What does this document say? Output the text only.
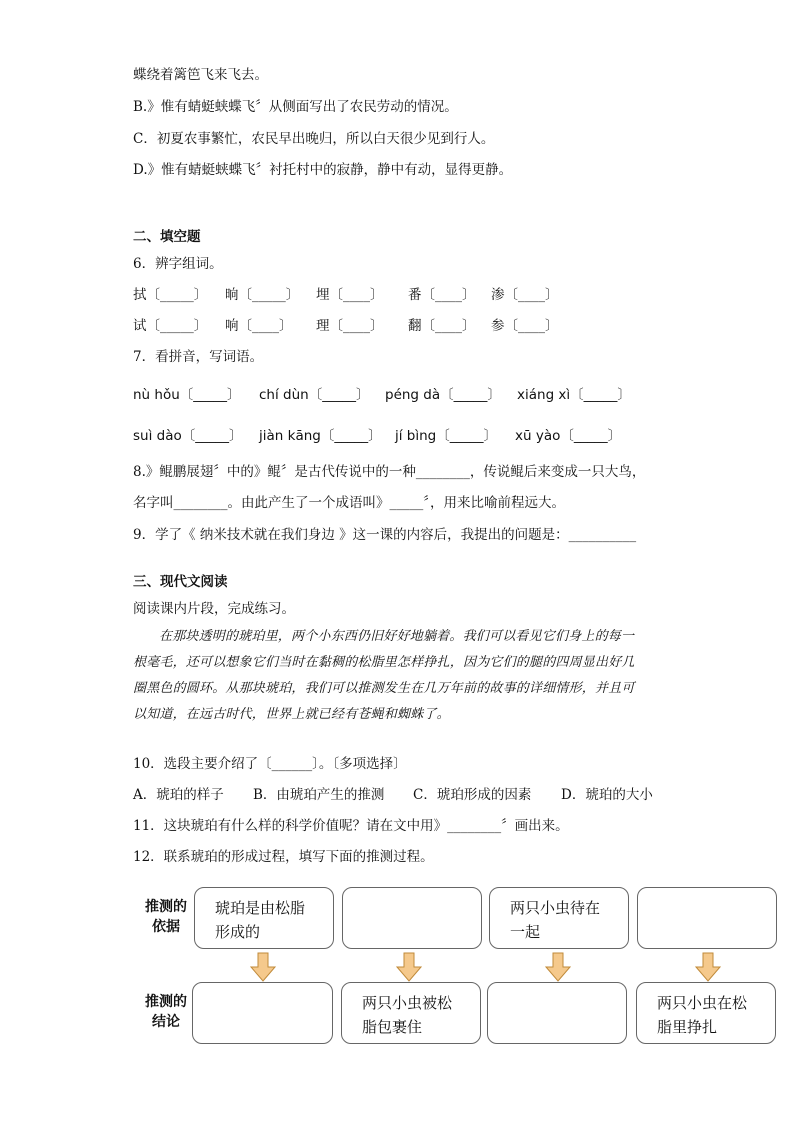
蝶绕着篱笆飞来飞去。
B.》惟有蜻蜓蛱蝶飞〞从侧面写出了农民劳动的情况。
C．初夏农事繁忙，农民早出晚归，所以白天很少见到行人。
D.》惟有蜻蜓蛱蝶飞〞衬托村中的寂静，静中有动，显得更静。
二、填空题
6．辨字组词。
拭〔_____〕 晌〔_____〕 埋〔____〕 番〔____〕 渗〔____〕
试〔_____〕 响〔____〕 理〔____〕 翻〔____〕 参〔____〕
7．看拼音，写词语。
nù hǒu〔_____〕 chí dùn〔_____〕 péng dà〔_____〕 xiáng xì〔_____〕
suì dào〔_____〕 jiàn kāng〔_____〕 jí bìng〔_____〕 xū yào〔_____〕
8.》鲲鹏展翅〞中的》鲲〞是古代传说中的一种________，传说鲲后来变成一只大鸟，
名字叫________。由此产生了一个成语叫》_____〞，用来比喻前程远大。
9．学了《 纳米技术就在我们身边 》这一课的内容后，我提出的问题是：__________
三、现代文阅读
阅读课内片段，完成练习。
在那块透明的琥珀里，两个小东西仍旧好好地躺着。我们可以看见它们身上的每一
根毫毛，还可以想象它们当时在黏稠的松脂里怎样挣扎，因为它们的腿的四周显出好几
圈黑色的圆环。从那块琥珀，我们可以推测发生在几万年前的故事的详细情形，并且可
以知道，在远古时代，世界上就已经有苍蝇和蜘蛛了。
10．选段主要介绍了〔______〕。〔多项选择〕
A．琥珀的样子 B．由琥珀产生的推测 C．琥珀形成的因素 D．琥珀的大小
11．这块琥珀有什么样的科学价值呢？请在文中用》________〞画出来。
12．联系琥珀的形成过程，填写下面的推测过程。
推测的
依据
推测的
结论
琥珀是由松脂
形成的
两只小虫待在
一起
两只小虫被松
脂包裹住
两只小虫在松
脂里挣扎
